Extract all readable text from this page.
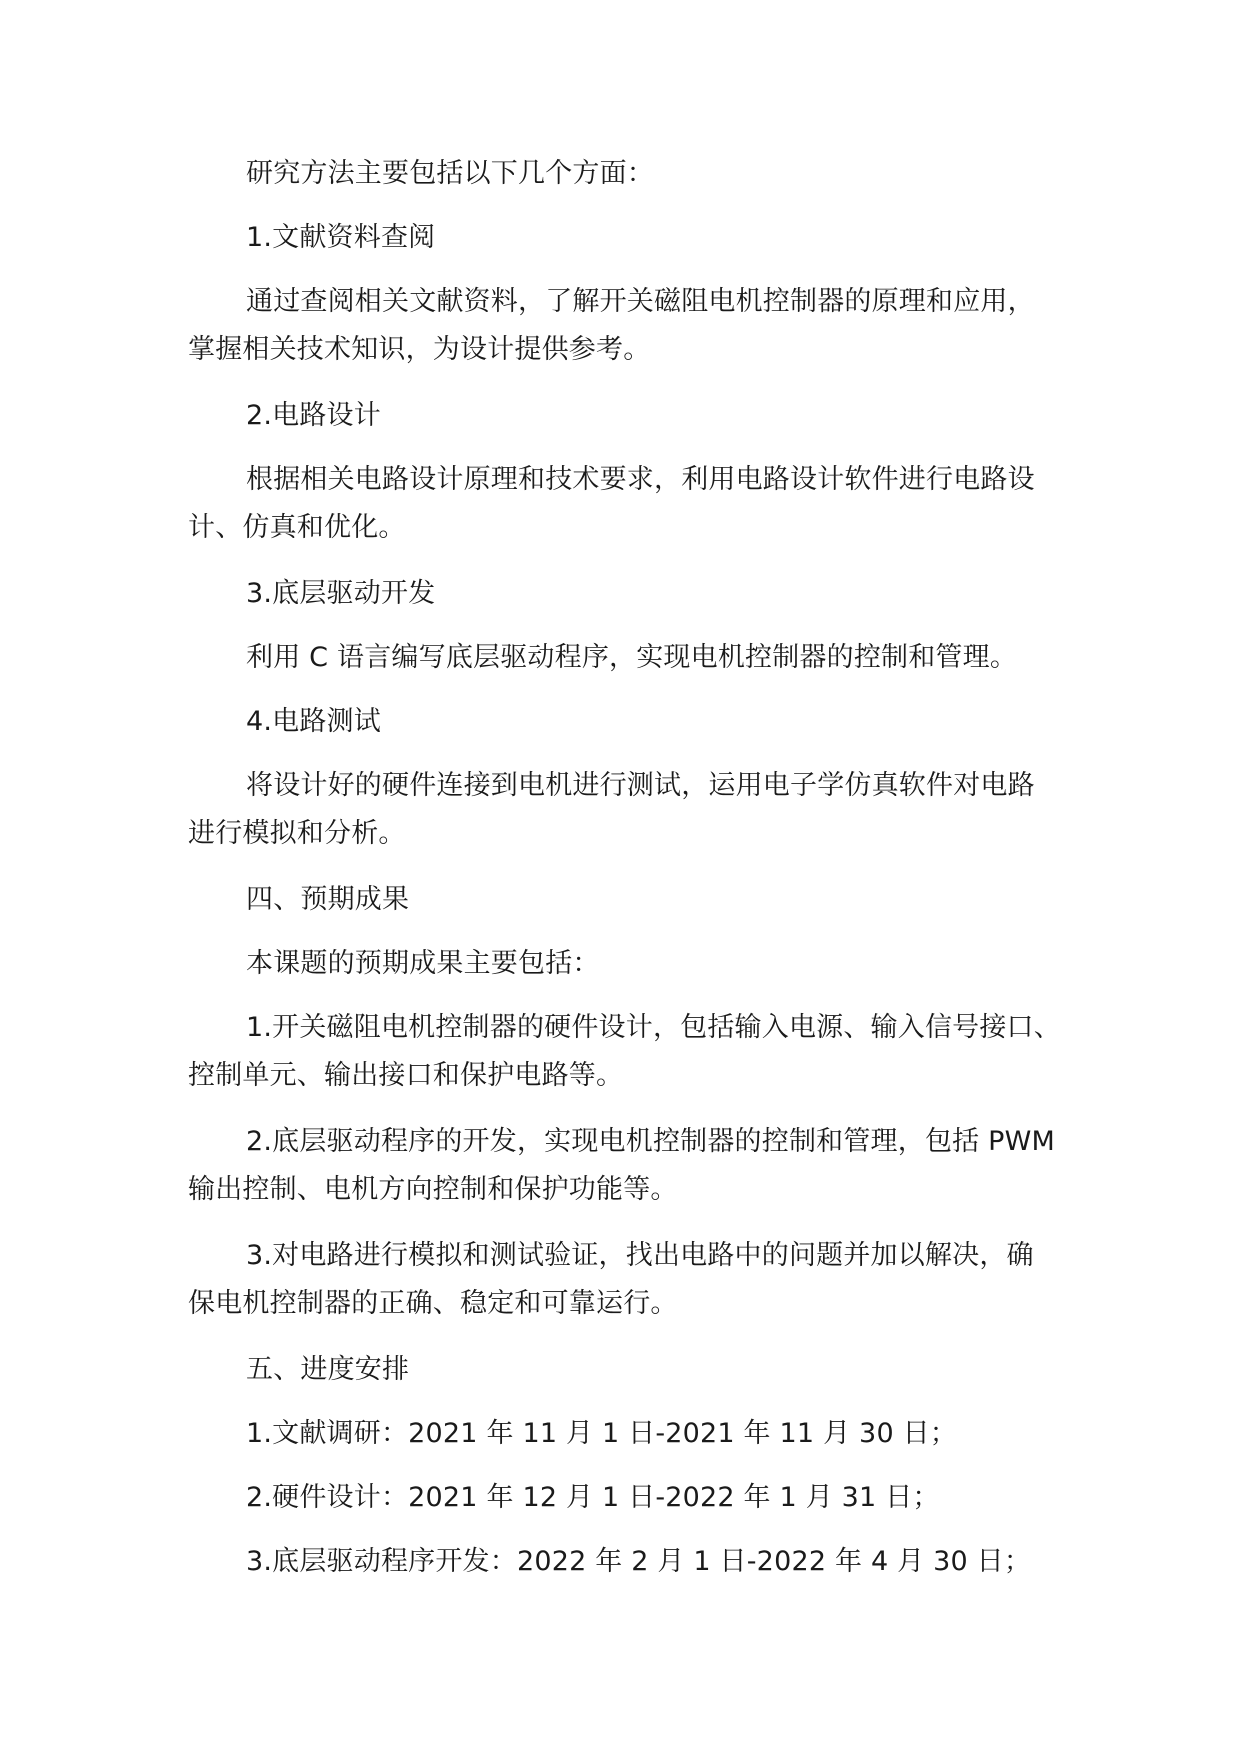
研究方法主要包括以下几个方面：
1.文献资料查阅
通过查阅相关文献资料，了解开关磁阻电机控制器的原理和应用，
掌握相关技术知识，为设计提供参考。
2.电路设计
根据相关电路设计原理和技术要求，利用电路设计软件进行电路设
计、仿真和优化。
3.底层驱动开发
利用 C 语言编写底层驱动程序，实现电机控制器的控制和管理。
4.电路测试
将设计好的硬件连接到电机进行测试，运用电子学仿真软件对电路
进行模拟和分析。
四、预期成果
本课题的预期成果主要包括：
1.开关磁阻电机控制器的硬件设计，包括输入电源、输入信号接口、
控制单元、输出接口和保护电路等。
2.底层驱动程序的开发，实现电机控制器的控制和管理，包括 PWM
输出控制、电机方向控制和保护功能等。
3.对电路进行模拟和测试验证，找出电路中的问题并加以解决，确
保电机控制器的正确、稳定和可靠运行。
五、进度安排
1.文献调研：2021 年 11 月 1 日-2021 年 11 月 30 日；
2.硬件设计：2021 年 12 月 1 日-2022 年 1 月 31 日；
3.底层驱动程序开发：2022 年 2 月 1 日-2022 年 4 月 30 日；
